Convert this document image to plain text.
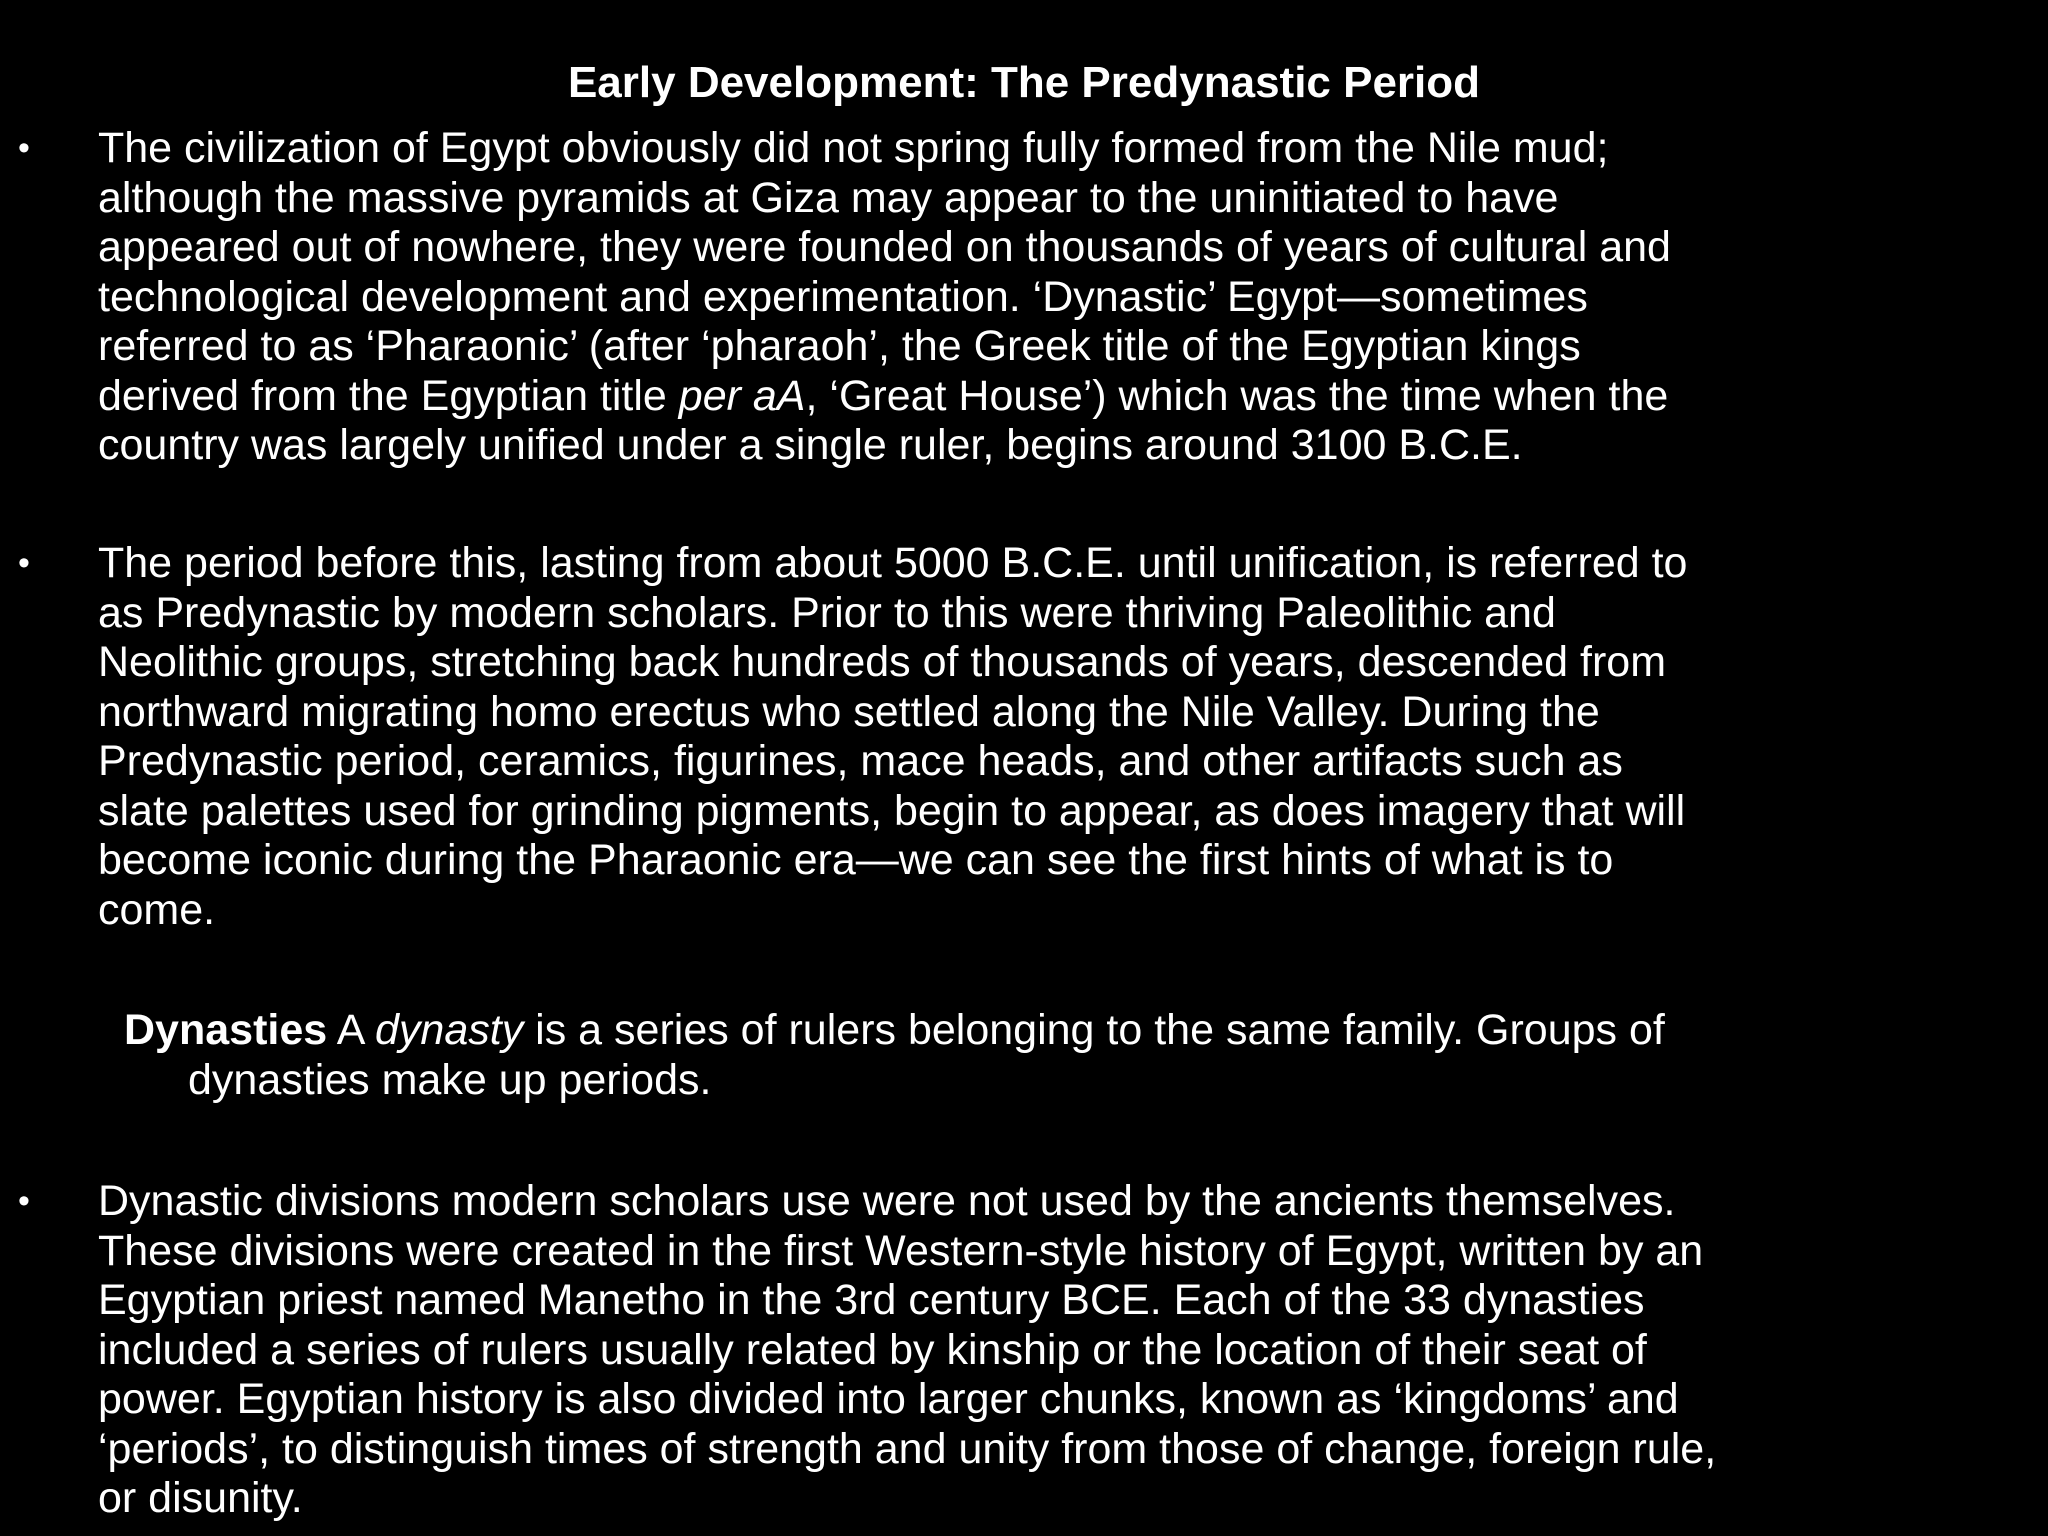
Early Development: The Predynastic Period
• The civilization of Egypt obviously did not spring fully formed from the Nile mud;
although the massive pyramids at Giza may appear to the uninitiated to have
appeared out of nowhere, they were founded on thousands of years of cultural and
technological development and experimentation. ‘Dynastic’ Egypt—sometimes
referred to as ‘Pharaonic’ (after ‘pharaoh’, the Greek title of the Egyptian kings
derived from the Egyptian title per aA, ‘Great House’) which was the time when the
country was largely unified under a single ruler, begins around 3100 B.C.E.
• The period before this, lasting from about 5000 B.C.E. until unification, is referred to
as Predynastic by modern scholars. Prior to this were thriving Paleolithic and
Neolithic groups, stretching back hundreds of thousands of years, descended from
northward migrating homo erectus who settled along the Nile Valley. During the
Predynastic period, ceramics, figurines, mace heads, and other artifacts such as
slate palettes used for grinding pigments, begin to appear, as does imagery that will
become iconic during the Pharaonic era—we can see the first hints of what is to
come.
Dynasties A dynasty is a series of rulers belonging to the same family. Groups of
dynasties make up periods.
• Dynastic divisions modern scholars use were not used by the ancients themselves.
These divisions were created in the first Western-style history of Egypt, written by an
Egyptian priest named Manetho in the 3rd century BCE. Each of the 33 dynasties
included a series of rulers usually related by kinship or the location of their seat of
power. Egyptian history is also divided into larger chunks, known as ‘kingdoms’ and
‘periods’, to distinguish times of strength and unity from those of change, foreign rule,
or disunity.
